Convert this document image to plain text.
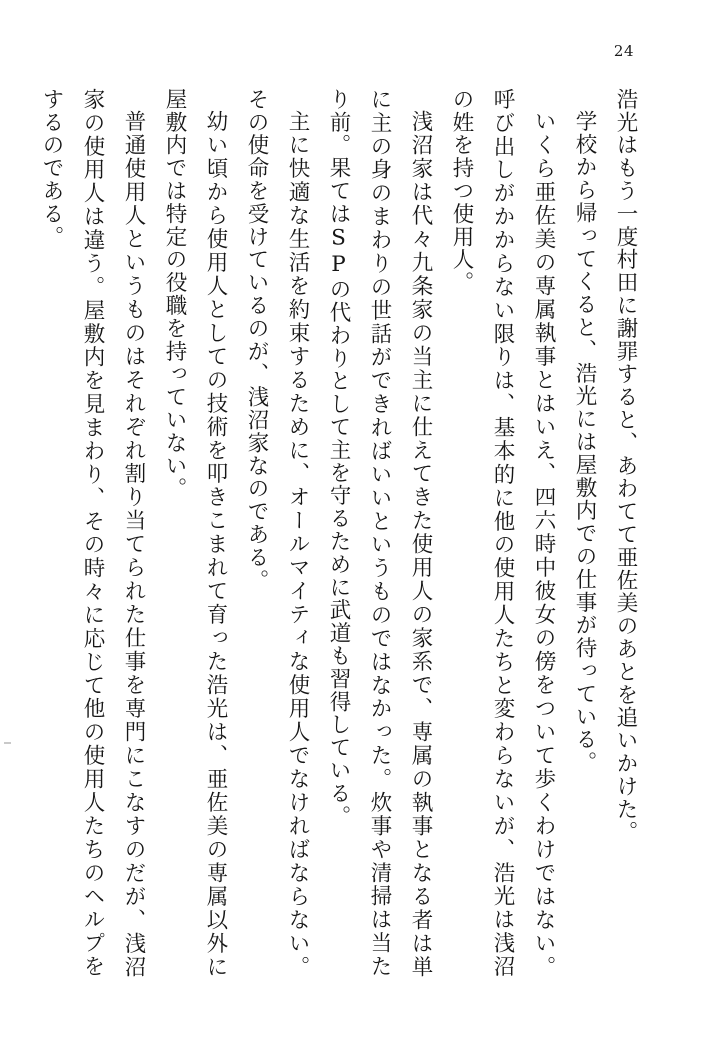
24

浩光はもう一度村田に謝罪すると、あわてて亜佐美のあとを追いかけた。

学校から帰ってくると、浩光には屋敷内での仕事が待っている。

いくら亜佐美の専属執事とはいえ、四六時中彼女の傍をついて歩くわけではない。呼び出しがかからない限りは、基本的に他の使用人たちと変わらないが、浩光は浅沼の姓を持つ使用人。

浅沼家は代々九条家の当主に仕えてきた使用人の家系で、専属の執事となる者は単に主の身のまわりの世話ができればいいというものではなかった。炊事や清掃は当たり前。果てはSPの代わりとして主を守るために武道も習得している。

主に快適な生活を約束するために、オールマイティな使用人でなければならない。その使命を受けているのが、浅沼家なのである。

幼い頃から使用人としての技術を叩きこまれて育った浩光は、亜佐美の専属以外に屋敷内では特定の役職を持っていない。

普通使用人というものはそれぞれ割り当てられた仕事を専門にこなすのだが、浅沼家の使用人は違う。屋敷内を見まわり、その時々に応じて他の使用人たちのヘルプをするのである。
